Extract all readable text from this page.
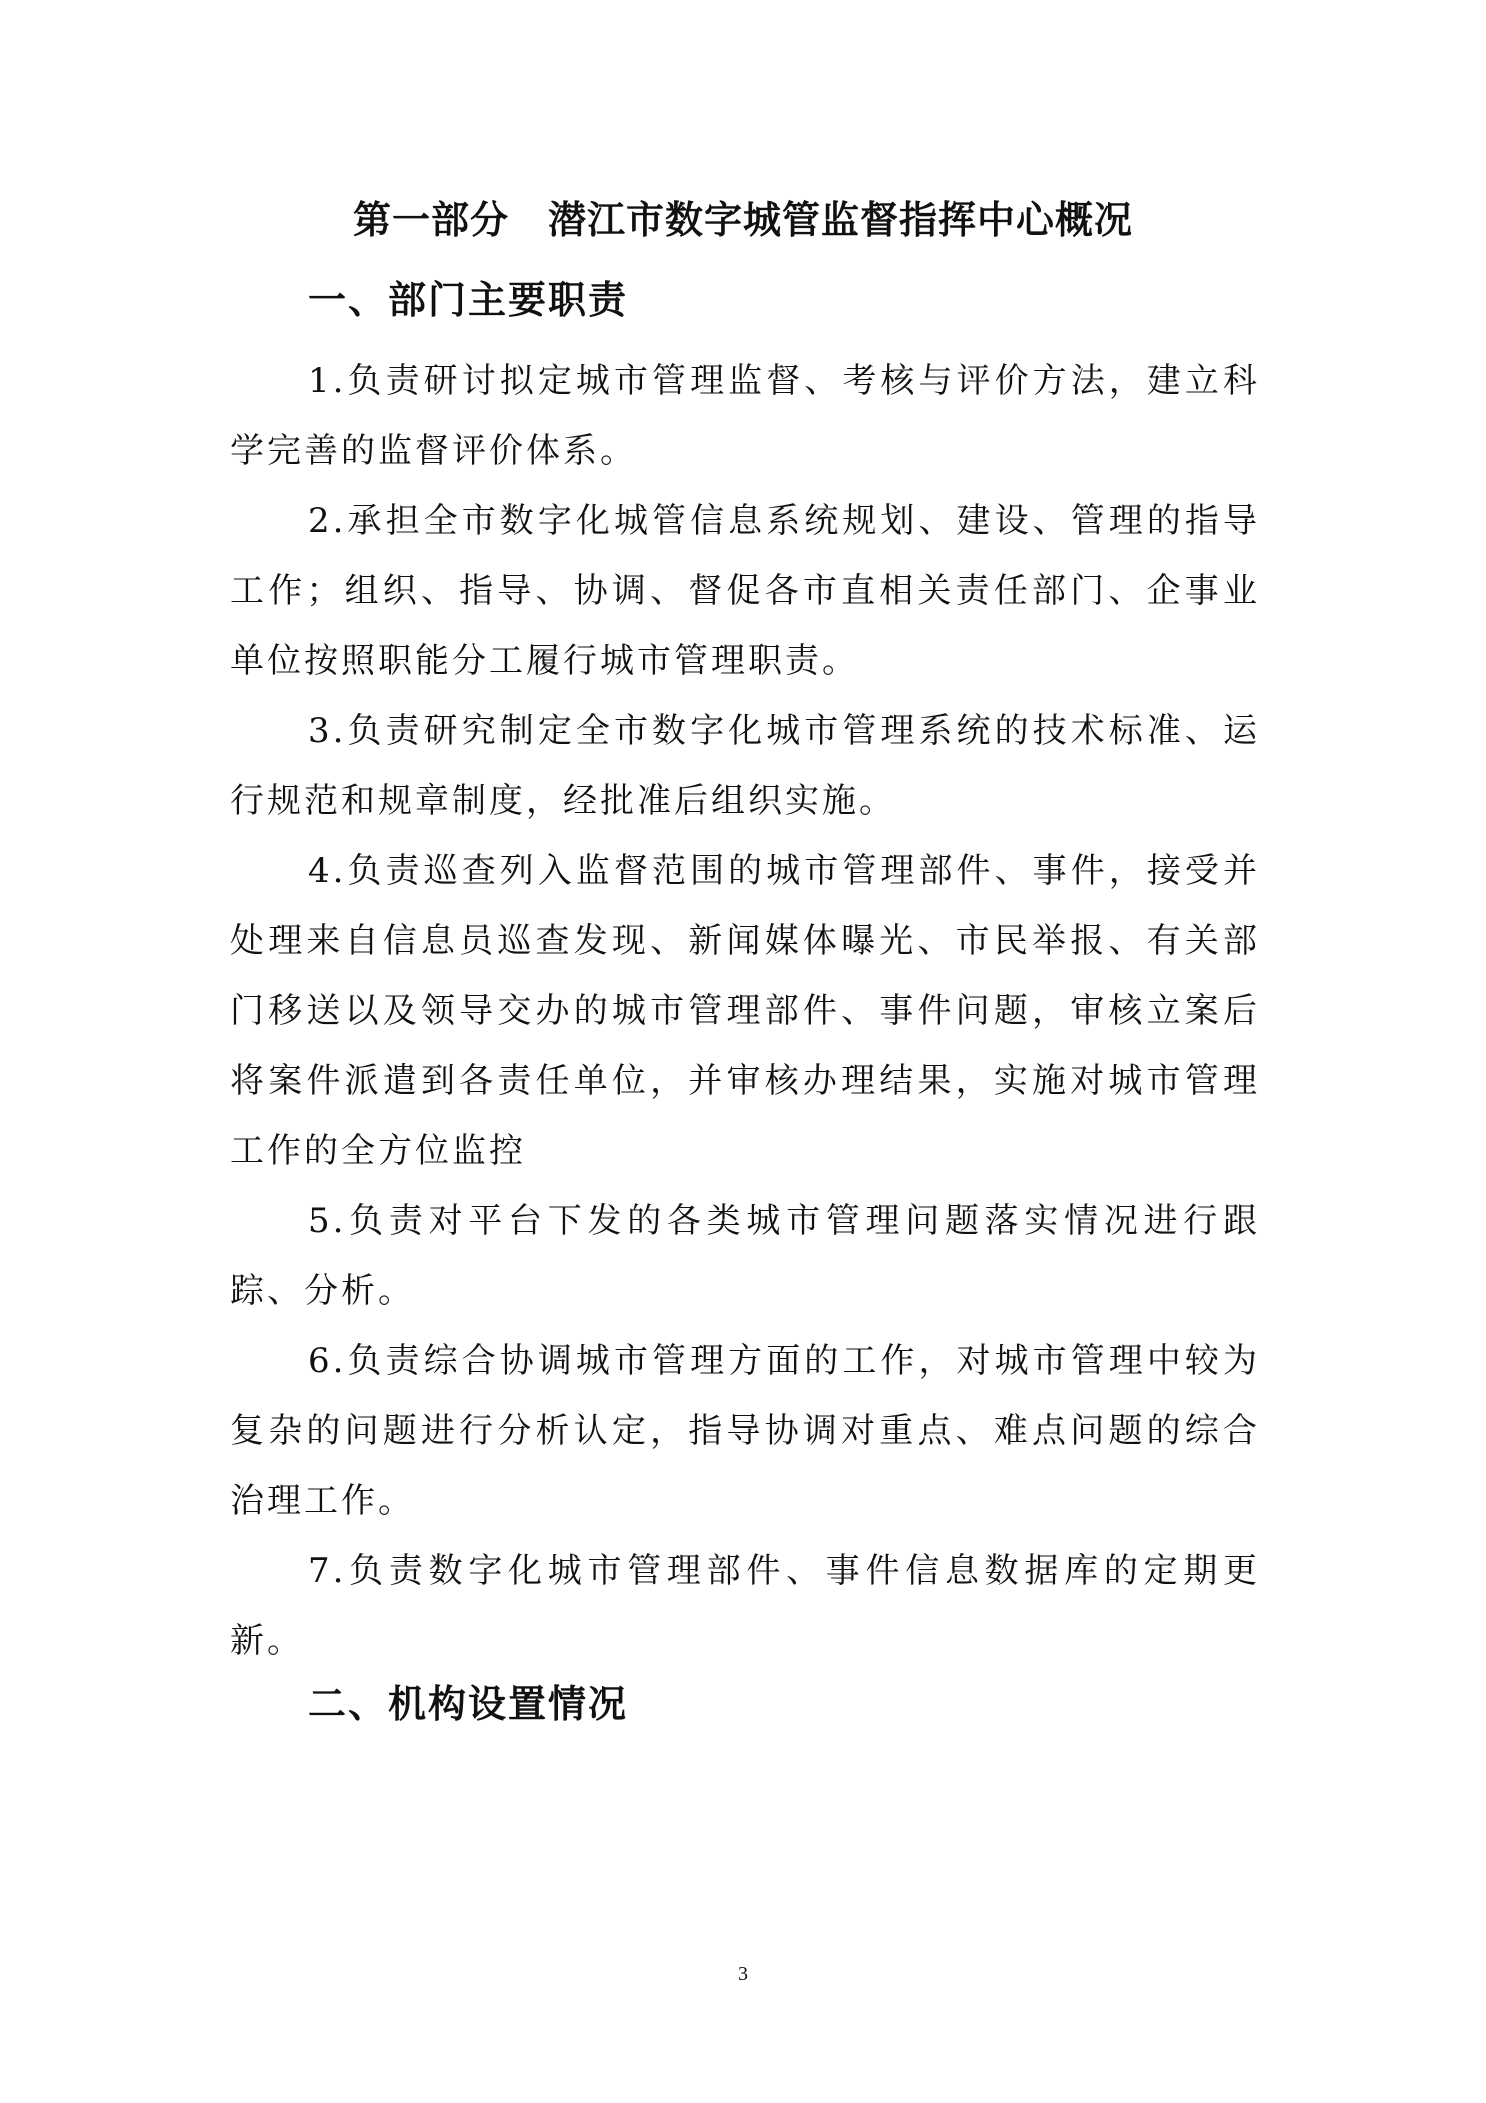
第一部分　潜江市数字城管监督指挥中心概况
一、部门主要职责

1.负责研讨拟定城市管理监督、考核与评价方法，建立科学完善的监督评价体系。

2.承担全市数字化城管信息系统规划、建设、管理的指导工作；组织、指导、协调、督促各市直相关责任部门、企事业单位按照职能分工履行城市管理职责。

3.负责研究制定全市数字化城市管理系统的技术标准、运行规范和规章制度，经批准后组织实施。

4.负责巡查列入监督范围的城市管理部件、事件，接受并处理来自信息员巡查发现、新闻媒体曝光、市民举报、有关部门移送以及领导交办的城市管理部件、事件问题，审核立案后将案件派遣到各责任单位，并审核办理结果，实施对城市管理工作的全方位监控

5.负责对平台下发的各类城市管理问题落实情况进行跟踪、分析。

6.负责综合协调城市管理方面的工作，对城市管理中较为复杂的问题进行分析认定，指导协调对重点、难点问题的综合治理工作。

7.负责数字化城市管理部件、事件信息数据库的定期更新。

二、机构设置情况
3
